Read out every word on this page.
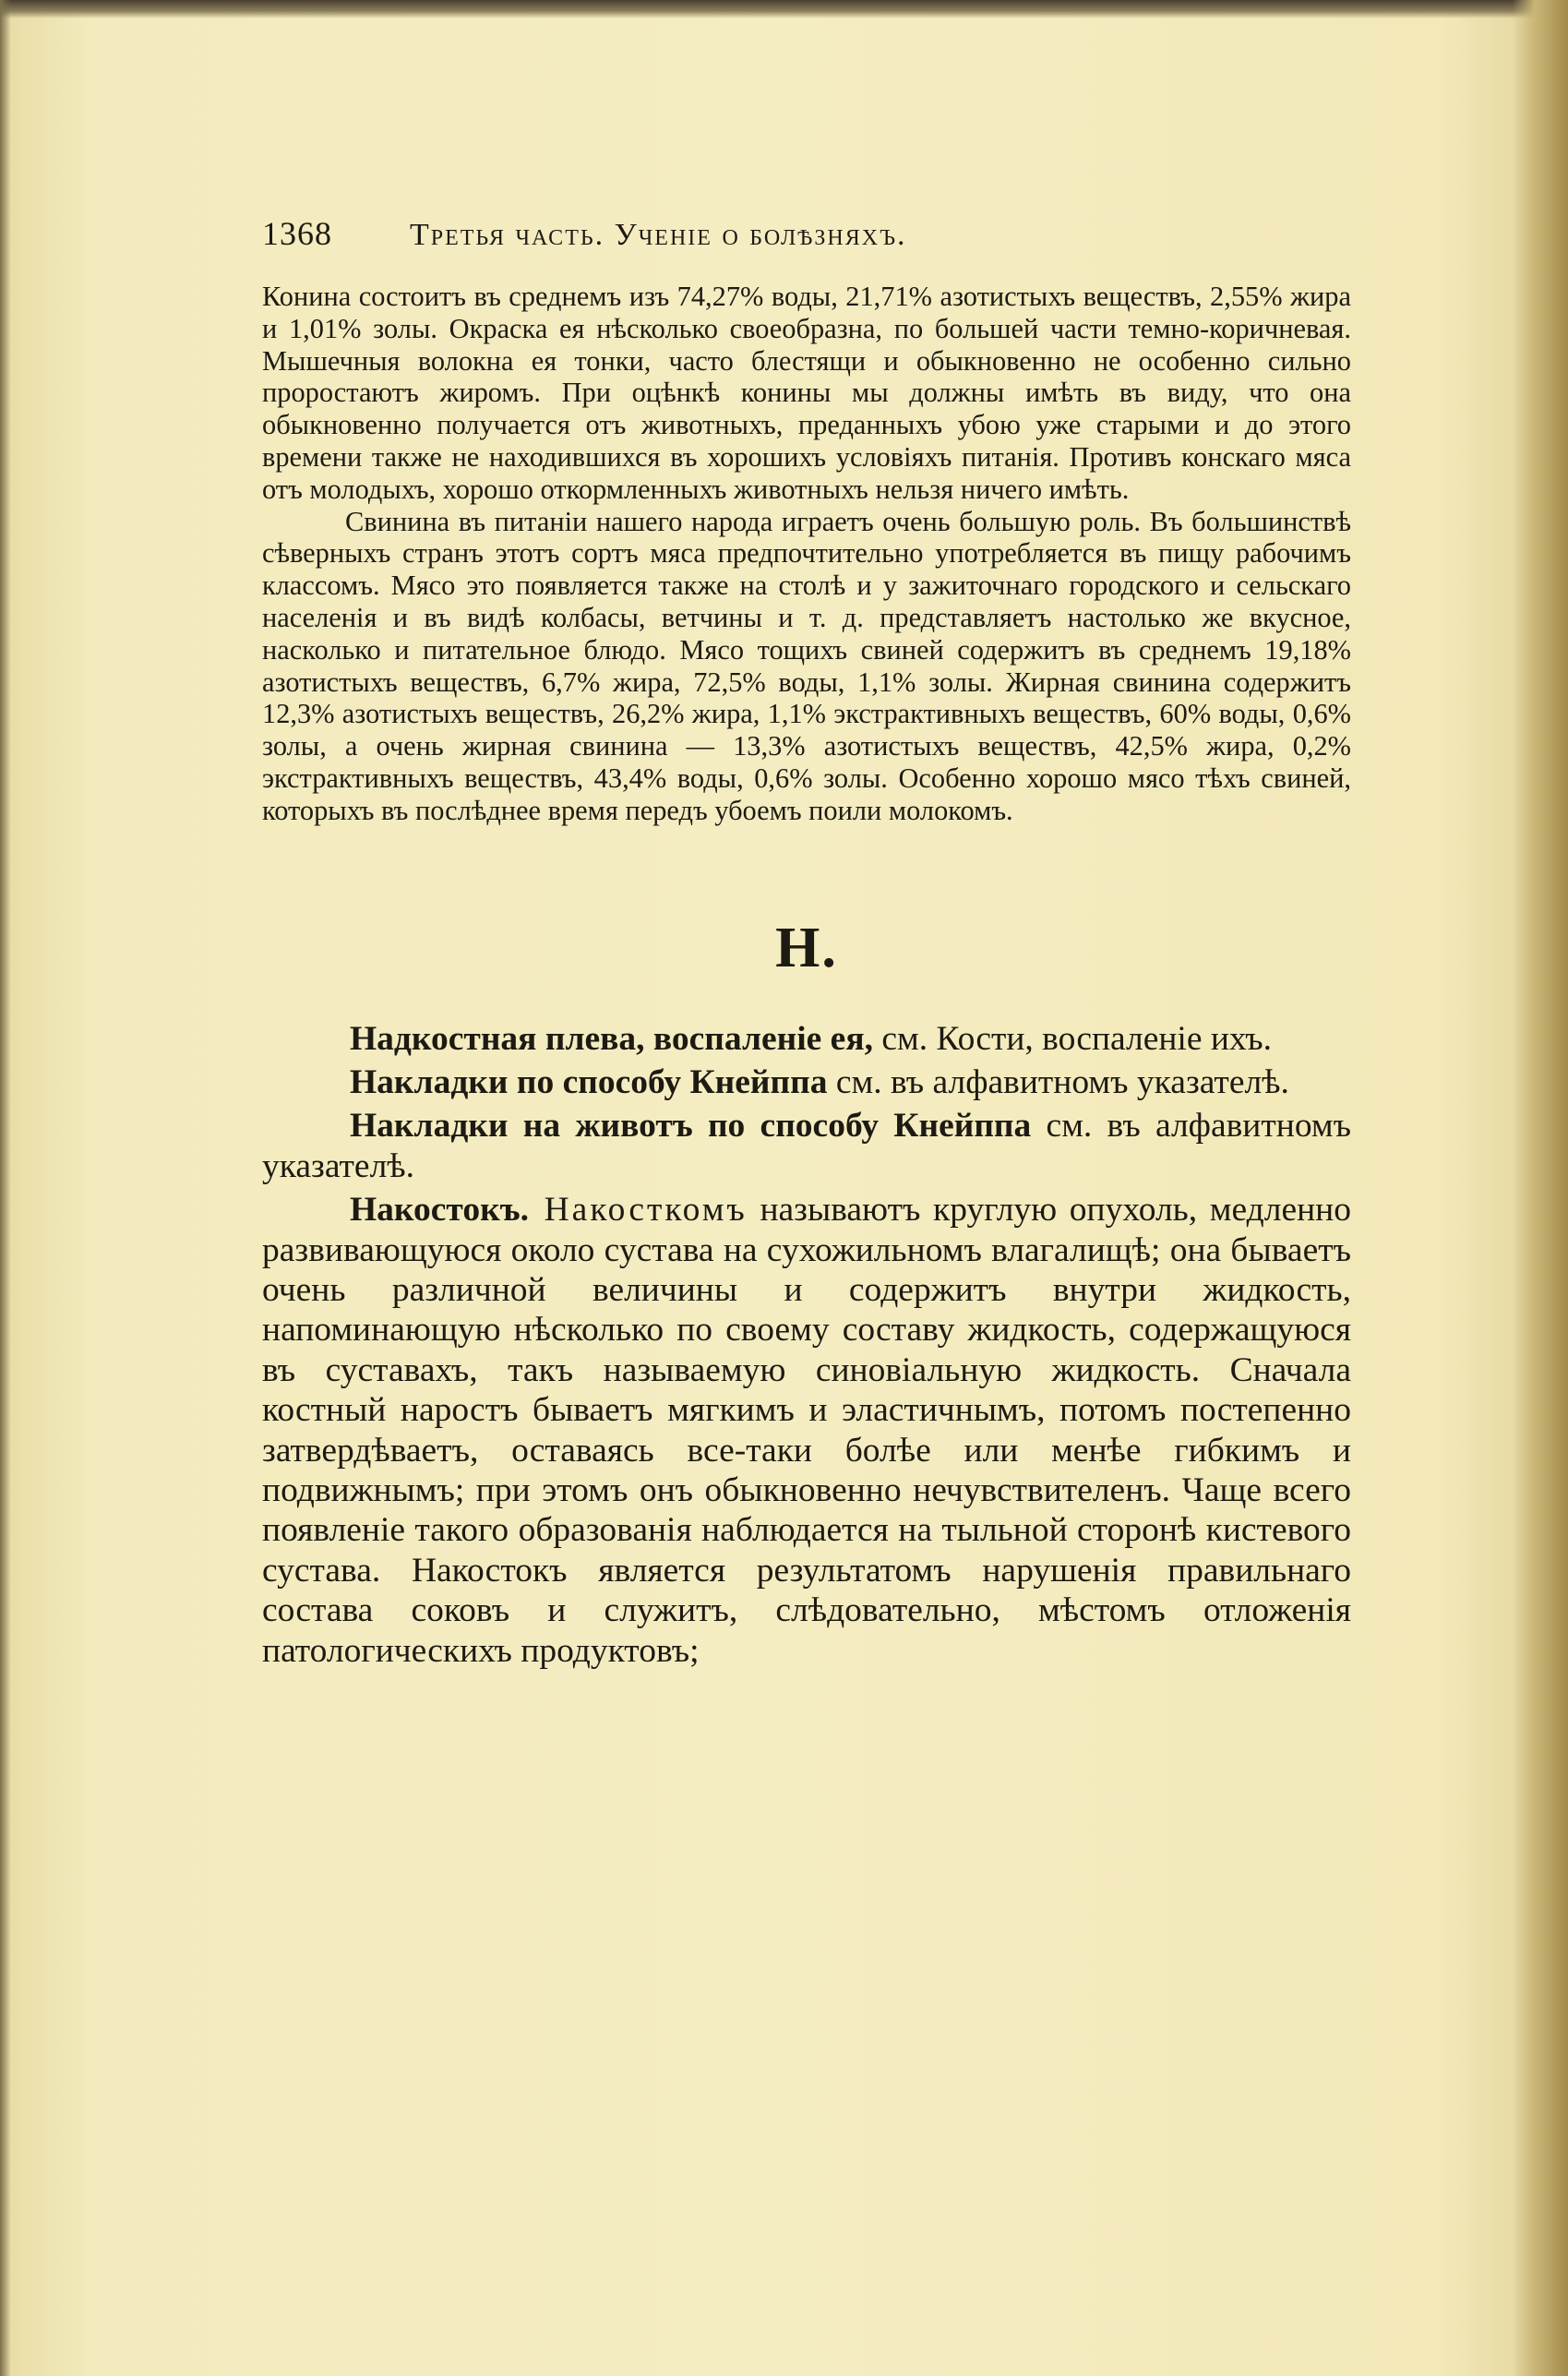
1368	Третья часть. Ученіе о болѣзняхъ.

Конина состоитъ въ среднемъ изъ 74,27% воды, 21,71% азотистыхъ веществъ, 2,55% жира и 1,01% золы. Окраска ея нѣсколько своеобразна, по большей части темно-коричневая. Мышечныя волокна ея тонки, часто блестящи и обыкновенно не особенно сильно проростаютъ жиромъ. При оцѣнкѣ конины мы должны имѣть въ виду, что она обыкновенно получается отъ животныхъ, преданныхъ убою уже старыми и до этого времени также не находившихся въ хорошихъ условіяхъ питанія. Противъ конскаго мяса отъ молодыхъ, хорошо откормленныхъ животныхъ нельзя ничего имѣть.

Свинина въ питаніи нашего народа играетъ очень большую роль. Въ большинствѣ сѣверныхъ странъ этотъ сортъ мяса предпочтительно употребляется въ пищу рабочимъ классомъ. Мясо это появляется также на столѣ и у зажиточнаго городского и сельскаго населенія и въ видѣ колбасы, ветчины и т. д. представляетъ настолько же вкусное, насколько и питательное блюдо. Мясо тощихъ свиней содержитъ въ среднемъ 19,18% азотистыхъ веществъ, 6,7% жира, 72,5% воды, 1,1% золы. Жирная свинина содержитъ 12,3% азотистыхъ веществъ, 26,2% жира, 1,1% экстрактивныхъ веществъ, 60% воды, 0,6% золы, а очень жирная свинина — 13,3% азотистыхъ веществъ, 42,5% жира, 0,2% экстрактивныхъ веществъ, 43,4% воды, 0,6% золы. Особенно хорошо мясо тѣхъ свиней, которыхъ въ послѣднее время передъ убоемъ поили молокомъ.

Н.

Надкостная плева, воспаленіе ея, см. Кости, воспаленіе ихъ.

Накладки по способу Кнейппа см. въ алфавитномъ указателѣ.

Накладки на животъ по способу Кнейппа см. въ алфавитномъ указателѣ.

Накостокъ. Накосткомъ называютъ круглую опухоль, медленно развивающуюся около сустава на сухожильномъ влагалищѣ; она бываетъ очень различной величины и содержитъ внутри жидкость, напоминающую нѣсколько по своему составу жидкость, содержащуюся въ суставахъ, такъ называемую синовіальную жидкость. Сначала костный наростъ бываетъ мягкимъ и эластичнымъ, потомъ постепенно затвердѣваетъ, оставаясь все-таки болѣе или менѣе гибкимъ и подвижнымъ; при этомъ онъ обыкновенно нечувствителенъ. Чаще всего появленіе такого образованія наблюдается на тыльной сторонѣ кистевого сустава. Накостокъ является результатомъ нарушенія правильнаго состава соковъ и служитъ, слѣдовательно, мѣстомъ отложенія патологическихъ продуктовъ;
